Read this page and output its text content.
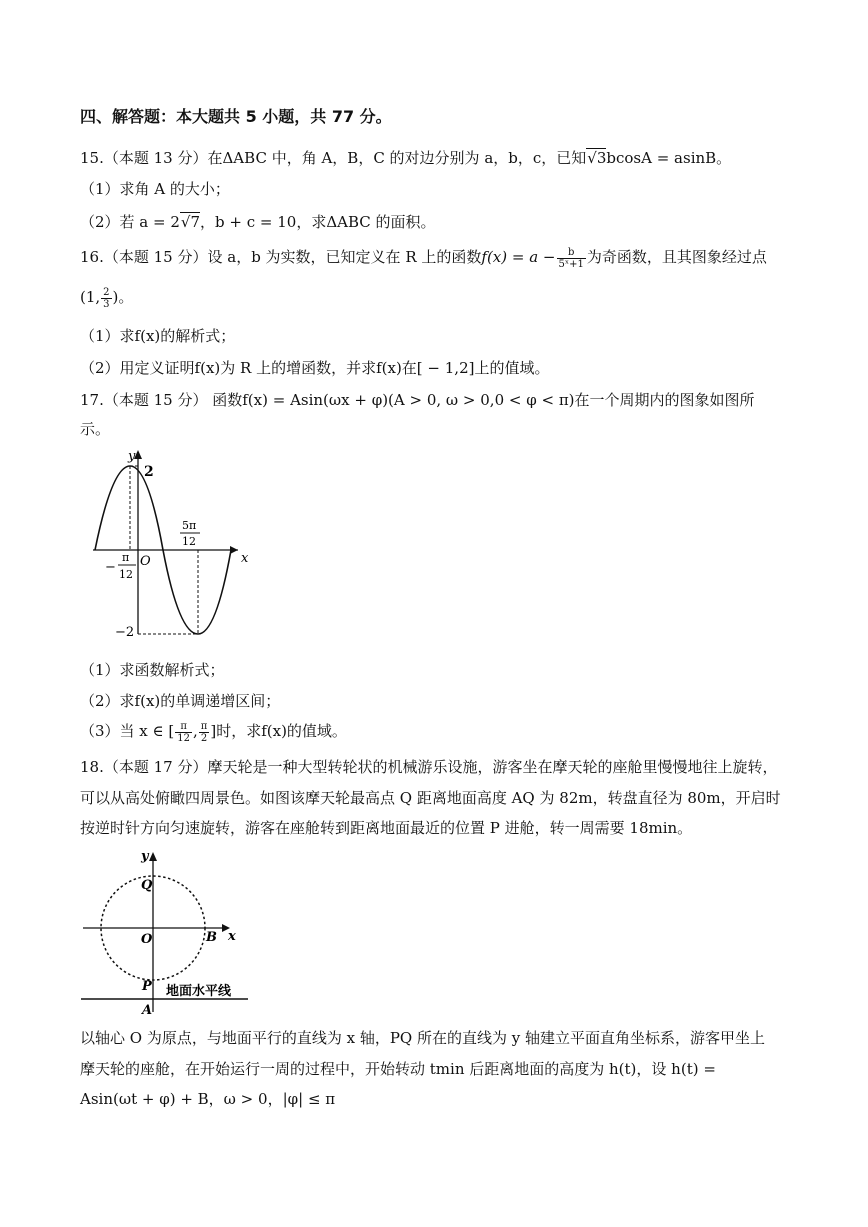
四、解答题：本大题共 5 小题，共 77 分。
15.（本题 13 分）在ΔABC 中，角 A，B，C 的对边分别为 a，b，c，已知√3bcosA = asinB。
（1）求角 A 的大小；
（2）若 a = 2√7，b + c = 10，求ΔABC 的面积。
16.（本题 15 分）设 a，b 为实数，已知定义在 R 上的函数$f(x) = a - \frac{b}{\text{5ˣ+1}}$ 为奇函数，且其图象经过点
(1, $\frac{2}{3}$ )。
（1）求f(x)的解析式；
（2）用定义证明f(x)为 R 上的增函数，并求f(x)在[ − 1,2]上的值域。
17.（本题 15 分） 函数f(x) = Asin(ωx + φ)(A > 0, ω > 0,0 < φ < π)在一个周期内的图象如图所
示。
y
2
x
O
−2
−
π
12
5π
12
（1）求函数解析式；
（2）求f(x)的单调递增区间；
（3）当 x ∈ [ $\frac{\pi}{12}$ , $\frac{\pi}{2}$ ]时，求f(x)的值域。
18.（本题 17 分）摩天轮是一种大型转轮状的机械游乐设施，游客坐在摩天轮的座舱里慢慢地往上旋转，
可以从高处俯瞰四周景色。如图该摩天轮最高点 Q 距离地面高度 AQ 为 82m，转盘直径为 80m，开启时
按逆时针方向匀速旋转，游客在座舱转到距离地面最近的位置 P 进舱，转一周需要 18min。
y
Q
O	B x
P
A
地面水平线
以轴心 O 为原点，与地面平行的直线为 x 轴，PQ 所在的直线为 y 轴建立平面直角坐标系，游客甲坐上
摩天轮的座舱，在开始运行一周的过程中，开始转动 tmin 后距离地面的高度为 h(t)，设 h(t) =
Asin(ωt + φ) + B，ω > 0，|φ| ≤ π
